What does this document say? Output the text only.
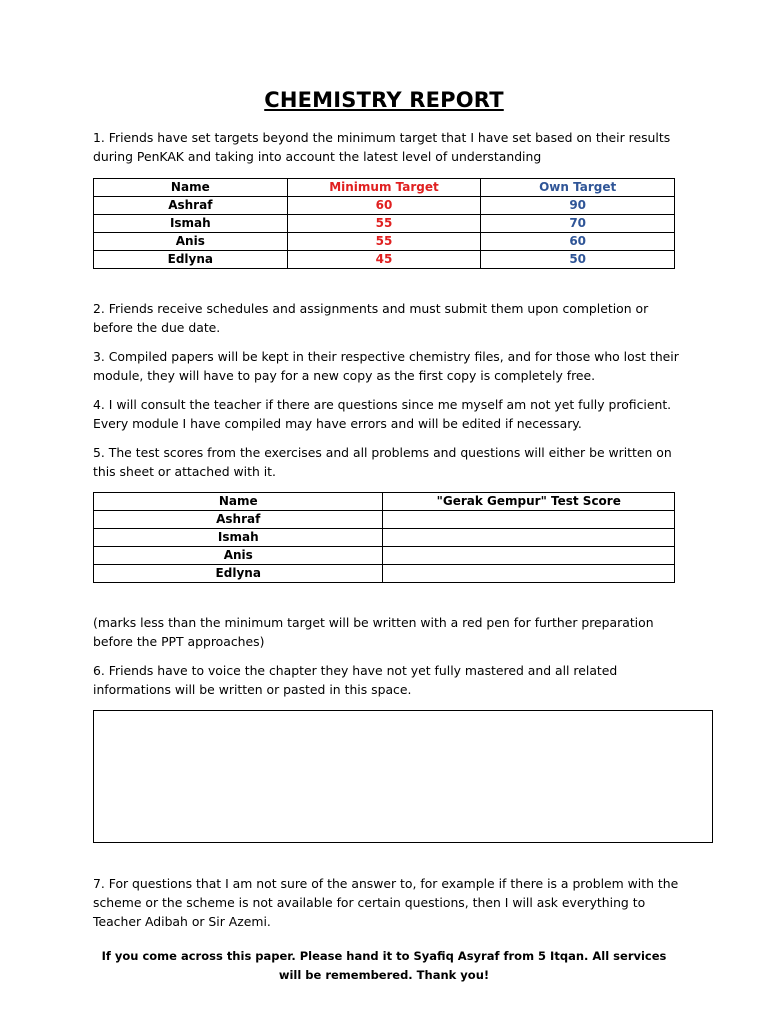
CHEMISTRY REPORT
1. Friends have set targets beyond the minimum target that I have set based on their results during PenKAK and taking into account the latest level of understanding
Name	Minimum Target	Own Target
Ashraf	60	90
Ismah	55	70
Anis	55	60
Edlyna	45	50
2. Friends receive schedules and assignments and must submit them upon completion or before the due date.
3. Compiled papers will be kept in their respective chemistry files, and for those who lost their module, they will have to pay for a new copy as the first copy is completely free.
4. I will consult the teacher if there are questions since me myself am not yet fully proficient. Every module I have compiled may have errors and will be edited if necessary.
5. The test scores from the exercises and all problems and questions will either be written on this sheet or attached with it.
Name	"Gerak Gempur" Test Score
Ashraf	
Ismah	
Anis	
Edlyna	
(marks less than the minimum target will be written with a red pen for further preparation before the PPT approaches)
6. Friends have to voice the chapter they have not yet fully mastered and all related informations will be written or pasted in this space.
7. For questions that I am not sure of the answer to, for example if there is a problem with the scheme or the scheme is not available for certain questions, then I will ask everything to Teacher Adibah or Sir Azemi.
If you come across this paper. Please hand it to Syafiq Asyraf from 5 Itqan. All services will be remembered. Thank you!
